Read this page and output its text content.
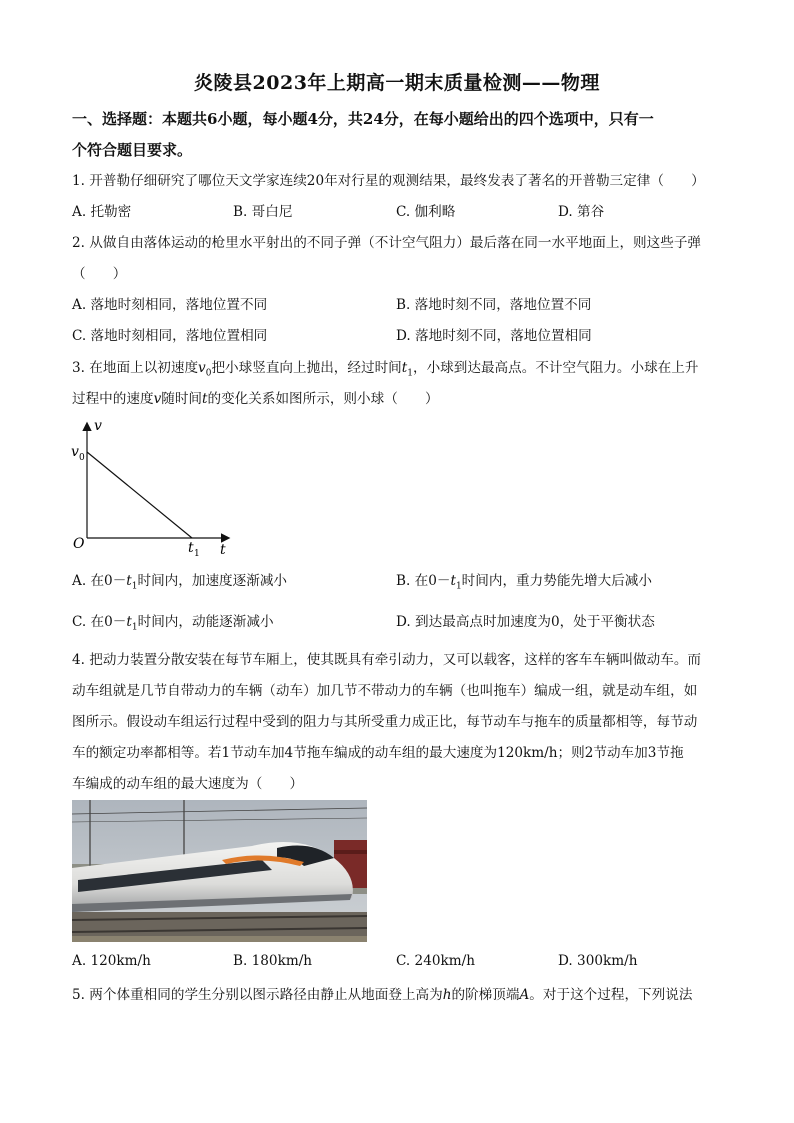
炎陵县2023年上期高一期末质量检测——物理
一、选择题：本题共6小题，每小题4分，共24分，在每小题给出的四个选项中，只有一
个符合题目要求。
1. 开普勒仔细研究了哪位天文学家连续20年对行星的观测结果，最终发表了著名的开普勒三定律（　　）
A. 托勒密	B. 哥白尼	C. 伽利略	D. 第谷
2. 从做自由落体运动的枪里水平射出的不同子弹（不计空气阻力）最后落在同一水平地面上，则这些子弹
（　　）
A. 落地时刻相同，落地位置不同	B. 落地时刻不同，落地位置不同
C. 落地时刻相同，落地位置相同	D. 落地时刻不同，落地位置相同
3. 在地面上以初速度$v_0$把小球竖直向上抛出，经过时间$t_1$，小球到达最高点。不计空气阻力。小球在上升
过程中的速度v随时间t的变化关系如图所示，则小球（　　）
v
t
O
v 0
t 1
A. 在$0-t_1$时间内，加速度逐渐减小	B. 在$0-t_1$时间内，重力势能先增大后减小
C. 在$0-t_1$时间内，动能逐渐减小	D. 到达最高点时加速度为0，处于平衡状态
4. 把动力装置分散安装在每节车厢上，使其既具有牵引动力，又可以载客，这样的客车车辆叫做动车。而
动车组就是几节自带动力的车辆（动车）加几节不带动力的车辆（也叫拖车）编成一组，就是动车组，如
图所示。假设动车组运行过程中受到的阻力与其所受重力成正比，每节动车与拖车的质量都相等，每节动
车的额定功率都相等。若1节动车加4节拖车编成的动车组的最大速度为120km/h；则2节动车加3节拖
车编成的动车组的最大速度为（　　）
A. 120km/h	B. 180km/h	C. 240km/h	D. 300km/h
5. 两个体重相同的学生分别以图示路径由静止从地面登上高为h的阶梯顶端A。对于这个过程，下列说法
